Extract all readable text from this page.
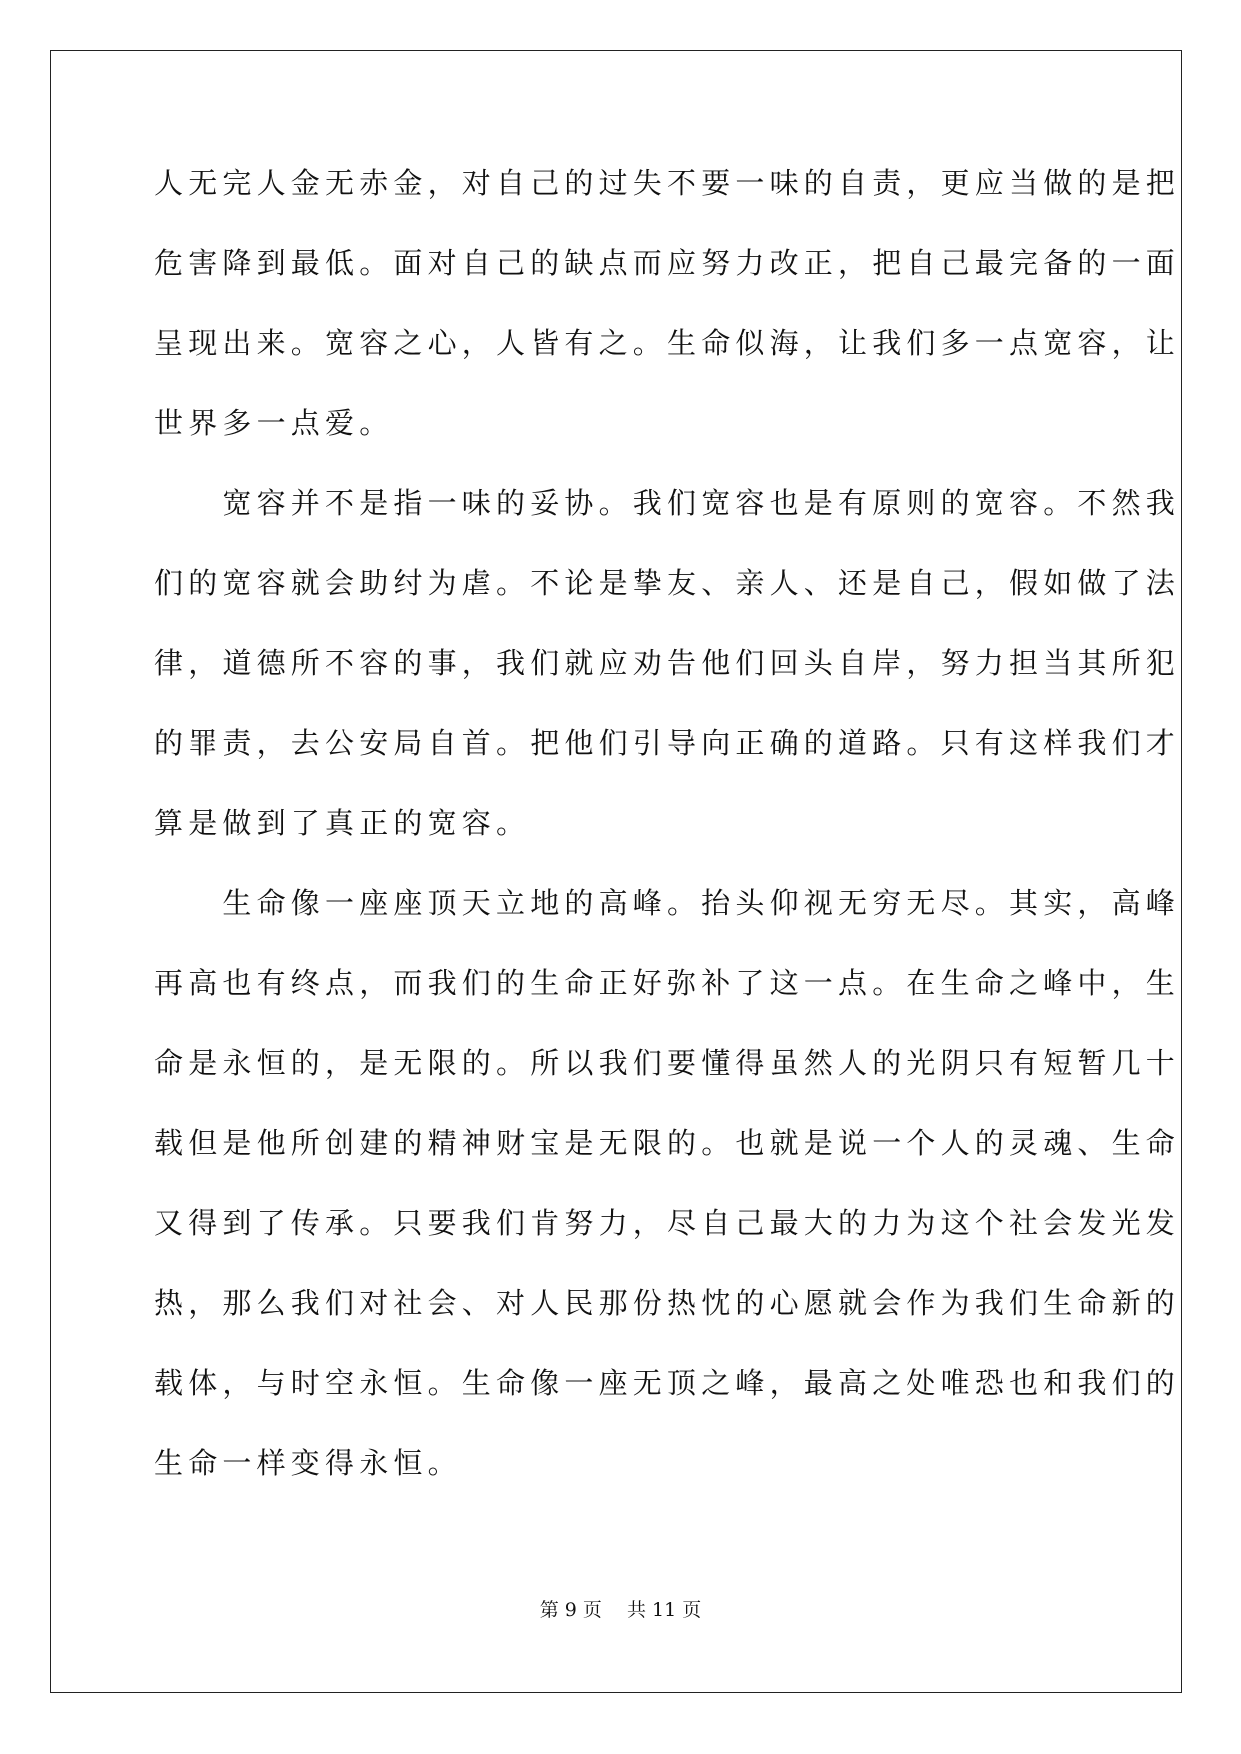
人无完人金无赤金，对自己的过失不要一味的自责，更应当做的是把
危害降到最低。面对自己的缺点而应努力改正，把自己最完备的一面
呈现出来。宽容之心，人皆有之。生命似海，让我们多一点宽容，让
世界多一点爱。
　　宽容并不是指一味的妥协。我们宽容也是有原则的宽容。不然我
们的宽容就会助纣为虐。不论是挚友、亲人、还是自己，假如做了法
律，道德所不容的事，我们就应劝告他们回头自岸，努力担当其所犯
的罪责，去公安局自首。把他们引导向正确的道路。只有这样我们才
算是做到了真正的宽容。
　　生命像一座座顶天立地的高峰。抬头仰视无穷无尽。其实，高峰
再高也有终点，而我们的生命正好弥补了这一点。在生命之峰中，生
命是永恒的，是无限的。所以我们要懂得虽然人的光阴只有短暂几十
载但是他所创建的精神财宝是无限的。也就是说一个人的灵魂、生命
又得到了传承。只要我们肯努力，尽自己最大的力为这个社会发光发
热，那么我们对社会、对人民那份热忱的心愿就会作为我们生命新的
载体，与时空永恒。生命像一座无顶之峰，最高之处唯恐也和我们的
生命一样变得永恒。
第 9 页　 共 11 页
